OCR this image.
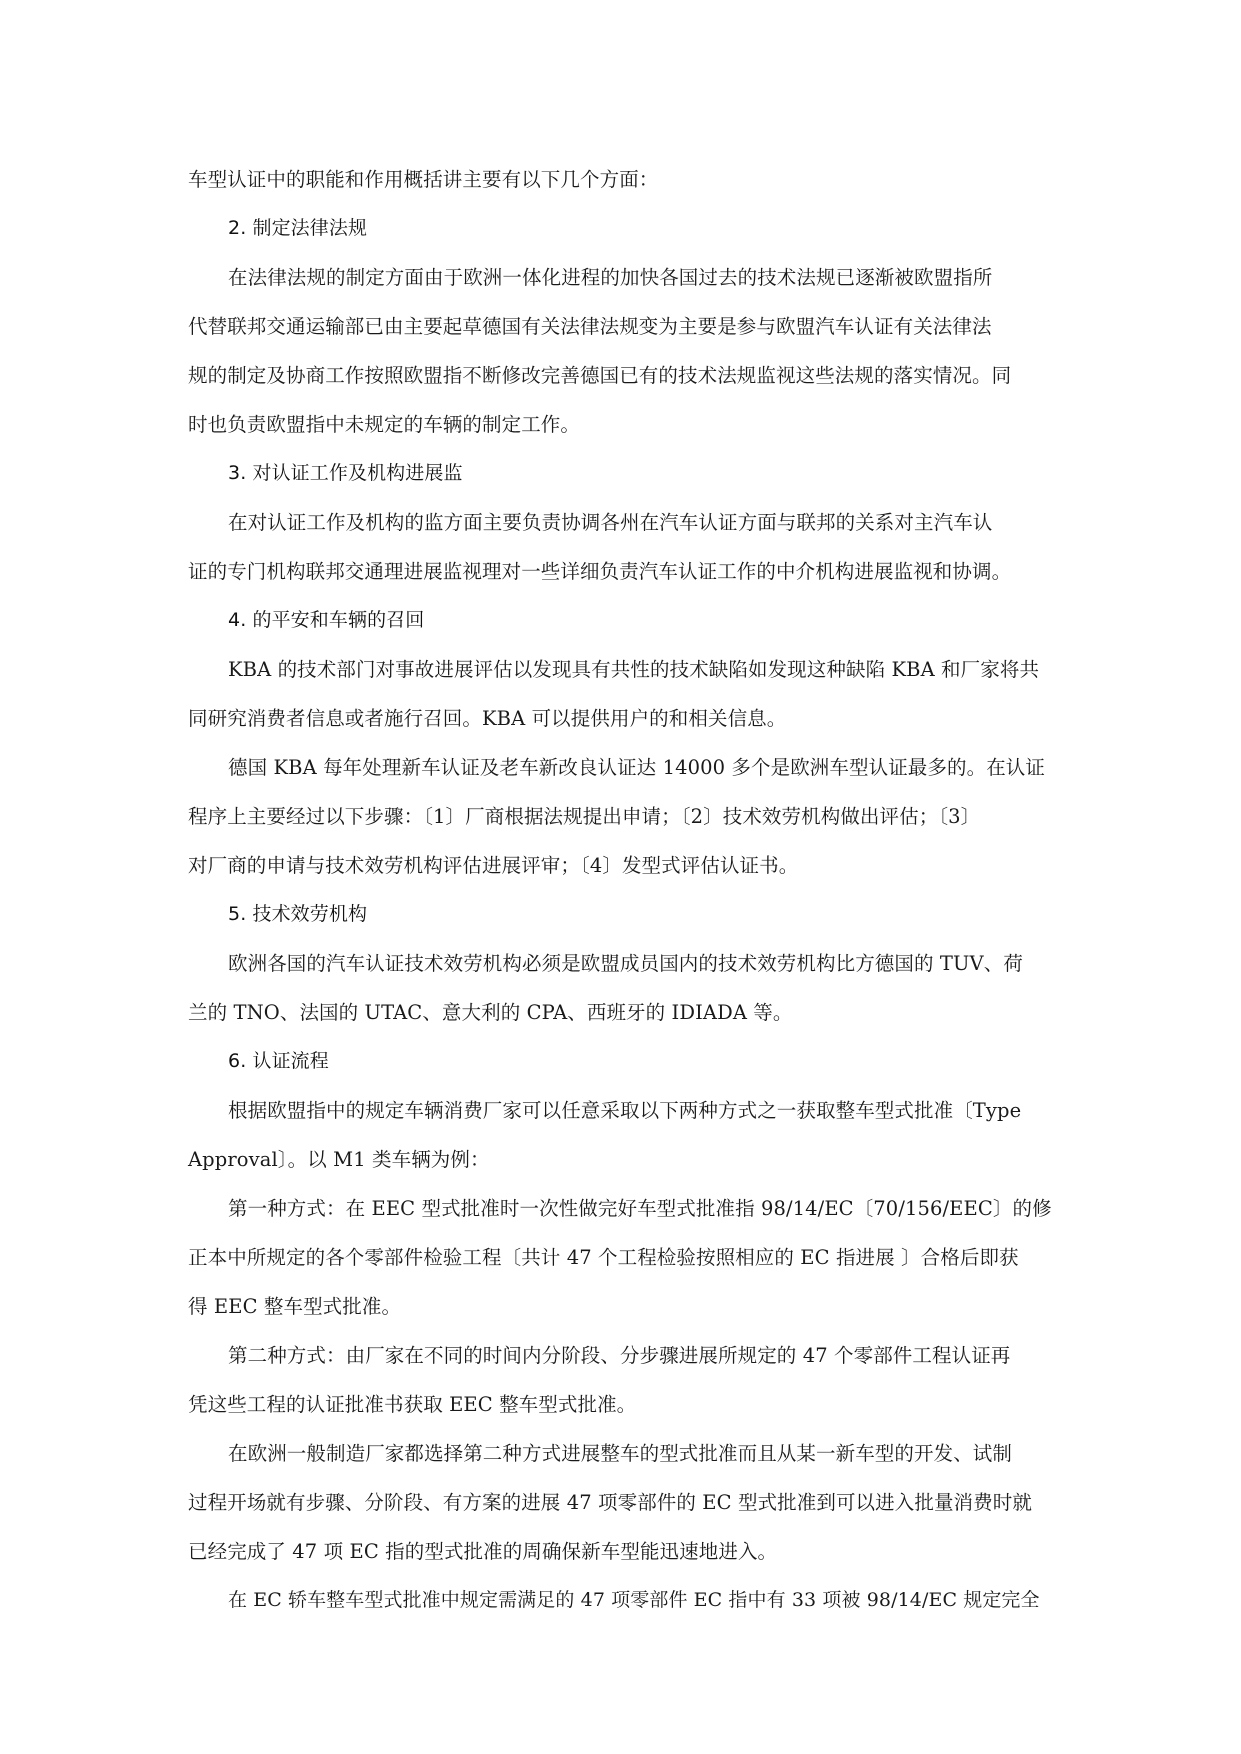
车型认证中的职能和作用概括讲主要有以下几个方面：
2. 制定法律法规
在法律法规的制定方面由于欧洲一体化进程的加快各国过去的技术法规已逐渐被欧盟指所
代替联邦交通运输部已由主要起草德国有关法律法规变为主要是参与欧盟汽车认证有关法律法
规的制定及协商工作按照欧盟指不断修改完善德国已有的技术法规监视这些法规的落实情况。同
时也负责欧盟指中未规定的车辆的制定工作。
3. 对认证工作及机构进展监
在对认证工作及机构的监方面主要负责协调各州在汽车认证方面与联邦的关系对主汽车认
证的专门机构联邦交通理进展监视理对一些详细负责汽车认证工作的中介机构进展监视和协调。
4. 的平安和车辆的召回
KBA 的技术部门对事故进展评估以发现具有共性的技术缺陷如发现这种缺陷 KBA 和厂家将共
同研究消费者信息或者施行召回。KBA 可以提供用户的和相关信息。
德国 KBA 每年处理新车认证及老车新改良认证达 14000 多个是欧洲车型认证最多的。在认证
程序上主要经过以下步骤：〔1〕厂商根据法规提出申请；〔2〕技术效劳机构做出评估；〔3〕
对厂商的申请与技术效劳机构评估进展评审；〔4〕发型式评估认证书。
5. 技术效劳机构
欧洲各国的汽车认证技术效劳机构必须是欧盟成员国内的技术效劳机构比方德国的 TUV、荷
兰的 TNO、法国的 UTAC、意大利的 CPA、西班牙的 IDIADA 等。
6. 认证流程
根据欧盟指中的规定车辆消费厂家可以任意采取以下两种方式之一获取整车型式批准〔Type
Approval〕。以 M1 类车辆为例：
第一种方式：在 EEC 型式批准时一次性做完好车型式批准指 98/14/EC〔70/156/EEC〕的修
正本中所规定的各个零部件检验工程〔共计 47 个工程检验按照相应的 EC 指进展 〕合格后即获
得 EEC 整车型式批准。
第二种方式：由厂家在不同的时间内分阶段、分步骤进展所规定的 47 个零部件工程认证再
凭这些工程的认证批准书获取 EEC 整车型式批准。
在欧洲一般制造厂家都选择第二种方式进展整车的型式批准而且从某一新车型的开发、试制
过程开场就有步骤、分阶段、有方案的进展 47 项零部件的 EC 型式批准到可以进入批量消费时就
已经完成了 47 项 EC 指的型式批准的周确保新车型能迅速地进入。
在 EC 轿车整车型式批准中规定需满足的 47 项零部件 EC 指中有 33 项被 98/14/EC 规定完全
